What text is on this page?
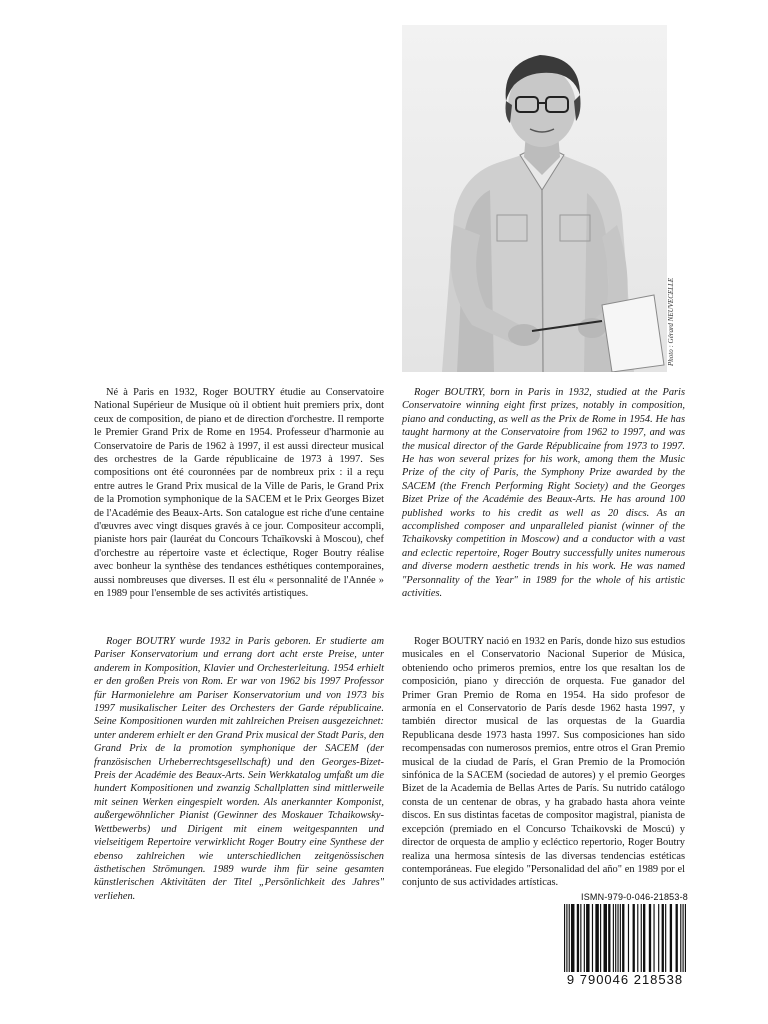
Photo : Gérard NEUVECELLE

Né à Paris en 1932, Roger BOUTRY étudie au Conservatoire National Supérieur de Musique où il obtient huit premiers prix, dont ceux de composition, de piano et de direction d'orchestre. Il remporte le Premier Grand Prix de Rome en 1954. Professeur d'harmonie au Conservatoire de Paris de 1962 à 1997, il est aussi directeur musical des orchestres de la Garde républicaine de 1973 à 1997. Ses compositions ont été couronnées par de nombreux prix : il a reçu entre autres le Grand Prix musical de la Ville de Paris, le Grand Prix de la Promotion symphonique de la SACEM et le Prix Georges Bizet de l'Académie des Beaux-Arts. Son catalogue est riche d'une centaine d'œuvres avec vingt disques gravés à ce jour. Compositeur accompli, pianiste hors pair (lauréat du Concours Tchaïkovski à Moscou), chef d'orchestre au répertoire vaste et éclectique, Roger Boutry réalise avec bonheur la synthèse des tendances esthétiques contemporaines, aussi nombreuses que diverses. Il est élu « personnalité de l'Année » en 1989 pour l'ensemble de ses activités artistiques.

Roger BOUTRY, born in Paris in 1932, studied at the Paris Conservatoire winning eight first prizes, notably in composition, piano and conducting, as well as the Prix de Rome in 1954. He has taught harmony at the Conservatoire from 1962 to 1997, and was the musical director of the Garde Républicaine from 1973 to 1997. He has won several prizes for his work, among them the Music Prize of the city of Paris, the Symphony Prize awarded by the SACEM (the French Performing Right Society) and the Georges Bizet Prize of the Académie des Beaux-Arts. He has around 100 published works to his credit as well as 20 discs. As an accomplished composer and unparalleled pianist (winner of the Tchaikovsky competition in Moscow) and a conductor with a vast and eclectic repertoire, Roger Boutry successfully unites numerous and diverse modern aesthetic trends in his work. He was named "Personnality of the Year" in 1989 for the whole of his artistic activities.

Roger BOUTRY wurde 1932 in Paris geboren. Er studierte am Pariser Konservatorium und errang dort acht erste Preise, unter anderem in Komposition, Klavier und Orchesterleitung. 1954 erhielt er den großen Preis von Rom. Er war von 1962 bis 1997 Professor für Harmonielehre am Pariser Konservatorium und von 1973 bis 1997 musikalischer Leiter des Orchesters der Garde républicaine. Seine Kompositionen wurden mit zahlreichen Preisen ausgezeichnet: unter anderem erhielt er den Grand Prix musical der Stadt Paris, den Grand Prix de la promotion symphonique der SACEM (der französischen Urheberrechtsgesellschaft) und den Georges-Bizet-Preis der Académie des Beaux-Arts. Sein Werkkatalog umfaßt um die hundert Kompositionen und zwanzig Schallplatten sind mittlerweile mit seinen Werken eingespielt worden. Als anerkannter Komponist, außergewöhnlicher Pianist (Gewinner des Moskauer Tchaikowsky-Wettbewerbs) und Dirigent mit einem weitgespannten und vielseitigem Repertoire verwirklicht Roger Boutry eine Synthese der ebenso zahlreichen wie unterschiedlichen zeitgenössischen ästhetischen Strömungen. 1989 wurde ihm für seine gesamten künstlerischen Aktivitäten der Titel „Persönlichkeit des Jahres" verliehen.

Roger BOUTRY nació en 1932 en París, donde hizo sus estudios musicales en el Conservatorio Nacional Superior de Música, obteniendo ocho primeros premios, entre los que resaltan los de composición, piano y dirección de orquesta. Fue ganador del Primer Gran Premio de Roma en 1954. Ha sido profesor de armonía en el Conservatorio de París desde 1962 hasta 1997, y también director musical de las orquestas de la Guardia Republicana desde 1973 hasta 1997. Sus composiciones han sido recompensadas con numerosos premios, entre otros el Gran Premio musical de la ciudad de París, el Gran Premio de la Promoción sinfónica de la SACEM (sociedad de autores) y el premio Georges Bizet de la Academia de Bellas Artes de París. Su nutrido catálogo consta de un centenar de obras, y ha grabado hasta ahora veinte discos. En sus distintas facetas de compositor magistral, pianista de excepción (premiado en el Concurso Tchaikovski de Moscú) y director de orquesta de amplio y ecléctico repertorio, Roger Boutry realiza una hermosa síntesis de las diversas tendencias estéticas contemporáneas. Fue elegido "Personalidad del año" en 1989 por el conjunto de sus actividades artísticas.

ISMN-979-0-046-21853-8
9 790046 218538
